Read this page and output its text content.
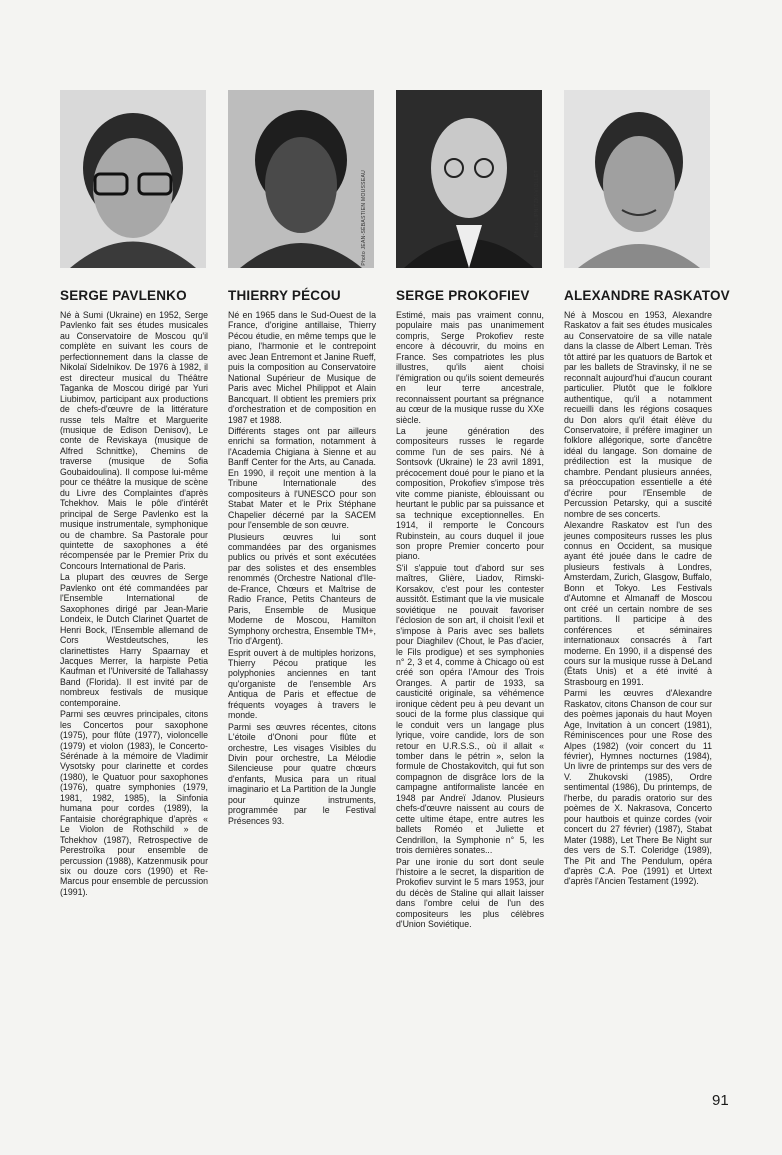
SERGE PAVLENKO

Né à Sumi (Ukraine) en 1952, Serge Pavlenko fait ses études musicales au Conservatoire de Moscou qu'il complète en suivant les cours de perfectionnement dans la classe de Nikolaï Sidelnikov. De 1976 à 1982, il est directeur musical du Théâtre Taganka de Moscou dirigé par Yuri Liubimov, participant aux productions de chefs-d'œuvre de la littérature russe tels Maître et Marguerite (musique de Edison Denisov), Le conte de Reviskaya (musique de Alfred Schnittke), Chemins de traverse (musique de Sofia Goubaidoulina). Il compose lui-même pour ce théâtre la musique de scène du Livre des Complaintes d'après Tchekhov. Mais le pôle d'intérêt principal de Serge Pavlenko est la musique instrumentale, symphonique ou de chambre. Sa Pastorale pour quintette de saxophones a été récompensée par le Premier Prix du Concours International de Paris.

La plupart des œuvres de Serge Pavlenko ont été commandées par l'Ensemble International de Saxophones dirigé par Jean-Marie Londeix, le Dutch Clarinet Quartet de Henri Bock, l'Ensemble allemand de Cors Westdeutsches, les clarinettistes Harry Spaarnay et Jacques Merrer, la harpiste Petia Kaufman et l'Université de Tallahassy Band (Florida). Il est invité par de nombreux festivals de musique contemporaine.

Parmi ses œuvres principales, citons les Concertos pour saxophone (1975), pour flûte (1977), violoncelle (1979) et violon (1983), le Concerto-Sérénade à la mémoire de Vladimir Vysotsky pour clarinette et cordes (1980), le Quatuor pour saxophones (1976), quatre symphonies (1979, 1981, 1982, 1985), la Sinfonia humana pour cordes (1989), la Fantaisie chorégraphique d'après « Le Violon de Rothschild » de Tchekhov (1987), Retrospective de Perestroïka pour ensemble de percussion (1988), Katzenmusik pour six ou douze cors (1990) et Re-Marcus pour ensemble de percussion (1991).

Photo JEAN-SÉBASTIEN MOUSSEAU
THIERRY PÉCOU

Né en 1965 dans le Sud-Ouest de la France, d'origine antillaise, Thierry Pécou étudie, en même temps que le piano, l'harmonie et le contrepoint avec Jean Entremont et Janine Rueff, puis la composition au Conservatoire National Supérieur de Musique de Paris avec Michel Philippot et Alain Bancquart. Il obtient les premiers prix d'orchestration et de composition en 1987 et 1988.

Différents stages ont par ailleurs enrichi sa formation, notamment à l'Academia Chigiana à Sienne et au Banff Center for the Arts, au Canada. En 1990, il reçoit une mention à la Tribune Internationale des compositeurs à l'UNESCO pour son Stabat Mater et le Prix Stéphane Chapelier décerné par la SACEM pour l'ensemble de son œuvre.

Plusieurs œuvres lui sont commandées par des organismes publics ou privés et sont exécutées par des solistes et des ensembles renommés (Orchestre National d'Ile-de-France, Chœurs et Maîtrise de Radio France, Petits Chanteurs de Paris, Ensemble de Musique Moderne de Moscou, Hamilton Symphony orchestra, Ensemble TM+, Trio d'Argent).

Esprit ouvert à de multiples horizons, Thierry Pécou pratique les polyphonies anciennes en tant qu'organiste de l'ensemble Ars Antiqua de Paris et effectue de fréquents voyages à travers le monde.

Parmi ses œuvres récentes, citons L'étoile d'Ononi pour flûte et orchestre, Les visages Visibles du Divin pour orchestre, La Mélodie Silencieuse pour quatre chœurs d'enfants, Musica para un ritual imaginario et La Partition de la Jungle pour quinze instruments, programmée par le Festival Présences 93.

Photo LIPNITZKI-VIOLLET
SERGE PROKOFIEV

Estimé, mais pas vraiment connu, populaire mais pas unanimement compris, Serge Prokofiev reste encore à découvrir, du moins en France. Ses compatriotes les plus illustres, qu'ils aient choisi l'émigration ou qu'ils soient demeurés en leur terre ancestrale, reconnaissent pourtant sa prégnance au cœur de la musique russe du XXe siècle.

La jeune génération des compositeurs russes le regarde comme l'un de ses pairs. Né à Sontsovk (Ukraine) le 23 avril 1891, précocement doué pour le piano et la composition, Prokofiev s'impose très vite comme pianiste, éblouissant ou heurtant le public par sa puissance et sa technique exceptionnelles. En 1914, il remporte le Concours Rubinstein, au cours duquel il joue son propre Premier concerto pour piano.

S'il s'appuie tout d'abord sur ses maîtres, Glière, Liadov, Rimski-Korsakov, c'est pour les contester aussitôt. Estimant que la vie musicale soviétique ne pouvait favoriser l'éclosion de son art, il choisit l'exil et s'impose à Paris avec ses ballets pour Diaghilev (Chout, le Pas d'acier, le Fils prodigue) et ses symphonies n° 2, 3 et 4, comme à Chicago où est créé son opéra l'Amour des Trois Oranges. A partir de 1933, sa causticité originale, sa véhémence ironique cèdent peu à peu devant un souci de la forme plus classique qui le conduit vers un langage plus lyrique, voire candide, lors de son retour en U.R.S.S., où il allait « tomber dans le pétrin », selon la formule de Chostakovitch, qui fut son compagnon de disgrâce lors de la campagne antiformaliste lancée en 1948 par Andreï Jdanov. Plusieurs chefs-d'œuvre naissent au cours de cette ultime étape, entre autres les ballets Roméo et Juliette et Cendrillon, la Symphonie n° 5, les trois dernières sonates...

Par une ironie du sort dont seule l'histoire a le secret, la disparition de Prokofiev survint le 5 mars 1953, jour du décès de Staline qui allait laisser dans l'ombre celui de l'un des compositeurs les plus célèbres d'Union Soviétique.

ALEXANDRE RASKATOV

Né à Moscou en 1953, Alexandre Raskatov a fait ses études musicales au Conservatoire de sa ville natale dans la classe de Albert Leman. Très tôt attiré par les quatuors de Bartok et par les ballets de Stravinsky, il ne se reconnaît aujourd'hui d'aucun courant particulier. Plutôt que le folklore authentique, qu'il a notamment recueilli dans les régions cosaques du Don alors qu'il était élève du Conservatoire, il préfère imaginer un folklore allégorique, sorte d'ancêtre idéal du langage. Son domaine de prédilection est la musique de chambre. Pendant plusieurs années, sa préoccupation essentielle a été d'écrire pour l'Ensemble de Percussion Petarsky, qui a suscité nombre de ses concerts.

Alexandre Raskatov est l'un des jeunes compositeurs russes les plus connus en Occident, sa musique ayant été jouée dans le cadre de plusieurs festivals à Londres, Amsterdam, Zurich, Glasgow, Buffalo, Bonn et Tokyo. Les Festivals d'Automne et Almanaff de Moscou ont créé un certain nombre de ses partitions. Il participe à des conférences et séminaires internationaux consacrés à l'art moderne. En 1990, il a dispensé des cours sur la musique russe à DeLand (États Unis) et a été invité à Strasbourg en 1991.

Parmi les œuvres d'Alexandre Raskatov, citons Chanson de cour sur des poèmes japonais du haut Moyen Age, Invitation à un concert (1981), Réminiscences pour une Rose des Alpes (1982) (voir concert du 11 février), Hymnes nocturnes (1984), Un livre de printemps sur des vers de V. Zhukovski (1985), Ordre sentimental (1986), Du printemps, de l'herbe, du paradis oratorio sur des poèmes de X. Nakrasova, Concerto pour hautbois et quinze cordes (voir concert du 27 février) (1987), Stabat Mater (1988), Let There Be Night sur des vers de S.T. Coleridge (1989), The Pit and The Pendulum, opéra d'après C.A. Poe (1991) et Urtext d'après l'Ancien Testament (1992).

91
